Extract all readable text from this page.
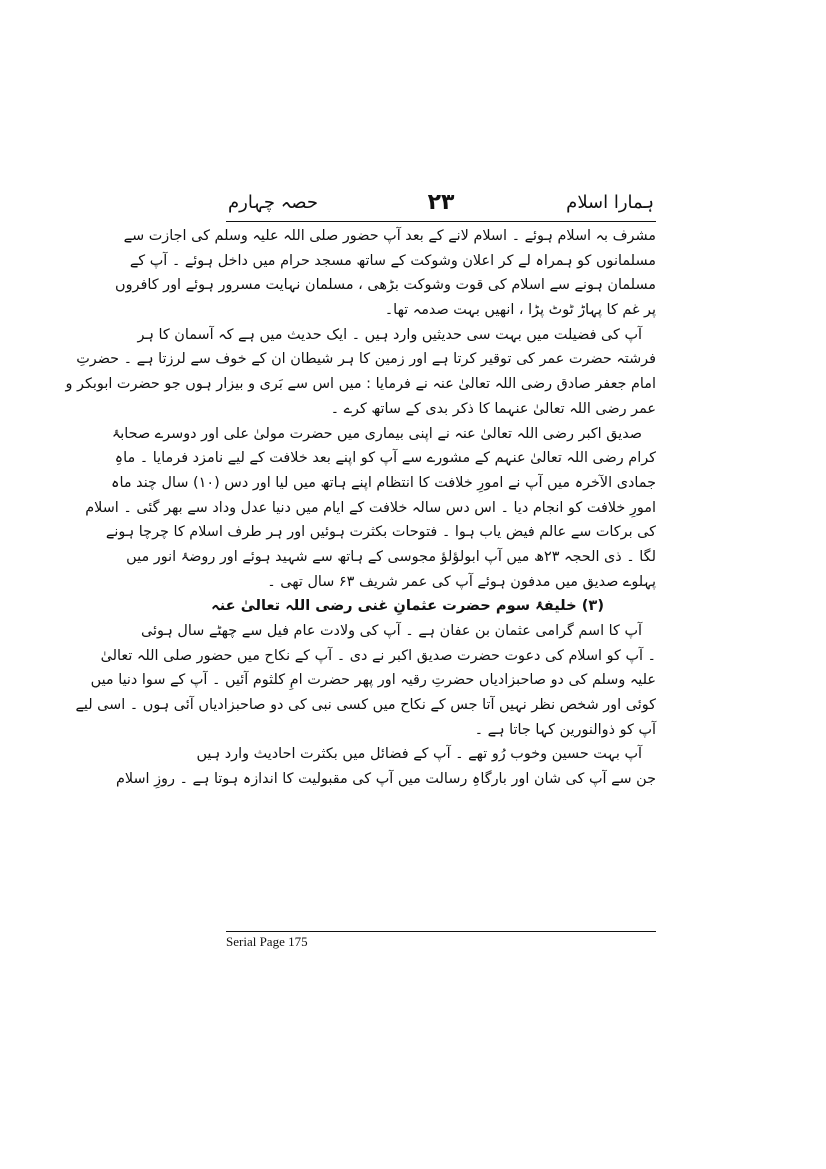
ہمارا اسلام
۲۳
حصہ چہارم
مشرف بہ اسلام ہوئے ۔ اسلام لانے کے بعد آپ حضور صلی اللہ علیہ وسلم کی اجازت سے
مسلمانوں کو ہمراہ لے کر اعلان وشوکت کے ساتھ مسجد حرام میں داخل ہوئے ۔ آپ کے
مسلمان ہونے سے اسلام کی قوت وشوکت بڑھی ، مسلمان نہایت مسرور ہوئے اور کافروں
پر غم کا پہاڑ ٹوٹ پڑا ، انھیں بہت صدمہ تھا۔
آپ کی فضیلت میں بہت سی حدیثیں وارد ہیں ۔ ایک حدیث میں ہے کہ آسمان کا ہر
فرشتہ حضرت عمر کی توقیر کرتا ہے اور زمین کا ہر شیطان ان کے خوف سے لرزتا ہے ۔ حضرتِ
امام جعفر صادق رضی اللہ تعالیٰ عنہ نے فرمایا : میں اس سے بَری و بیزار ہوں جو حضرت ابوبکر و
عمر رضی اللہ تعالیٰ عنہما کا ذکر بدی کے ساتھ کرے ۔
صدیق اکبر رضی اللہ تعالیٰ عنہ نے اپنی بیماری میں حضرت مولیٰ علی اور دوسرے صحابۂ
کرام رضی اللہ تعالیٰ عنہم کے مشورے سے آپ کو اپنے بعد خلافت کے لیے نامزد فرمایا ۔ ماہِ
جمادی الآخرہ میں آپ نے امورِ خلافت کا انتظام اپنے ہاتھ میں لیا اور دس (۱۰) سال چند ماہ
امورِ خلافت کو انجام دیا ۔ اس دس سالہ خلافت کے ایام میں دنیا عدل وداد سے بھر گئی ۔ اسلام
کی برکات سے عالم فیض یاب ہوا ۔ فتوحات بکثرت ہوئیں اور ہر طرف اسلام کا چرچا ہونے
لگا ۔ ذی الحجہ ۲۳ھ میں آپ ابولؤلؤ مجوسی کے ہاتھ سے شہید ہوئے اور روضۂ انور میں
پہلوے صدیق میں مدفون ہوئے آپ کی عمر شریف ۶۳ سال تھی ۔
(۳) خلیفۂ سوم حضرت عثمانِ غنی رضی اللہ تعالیٰ عنہ
آپ کا اسم گرامی عثمان بن عفان ہے ۔ آپ کی ولادت عام فیل سے چھٹے سال ہوئی
۔ آپ کو اسلام کی دعوت حضرت صدیق اکبر نے دی ۔ آپ کے نکاح میں حضور صلی اللہ تعالیٰ
علیہ وسلم کی دو صاحبزادیاں حضرتِ رقیہ اور پھر حضرت امِ کلثوم آئیں ۔ آپ کے سوا دنیا میں
کوئی اور شخص نظر نہیں آتا جس کے نکاح میں کسی نبی کی دو صاحبزادیاں آئی ہوں ۔ اسی لیے
آپ کو ذوالنورین کہا جاتا ہے ۔
آپ بہت حسین وخوب رُو تھے ۔ آپ کے فضائل میں بکثرت احادیث وارد ہیں
جن سے آپ کی شان اور بارگاہِ رسالت میں آپ کی مقبولیت کا اندازہ ہوتا ہے ۔ روزِ اسلام
Serial Page 175
